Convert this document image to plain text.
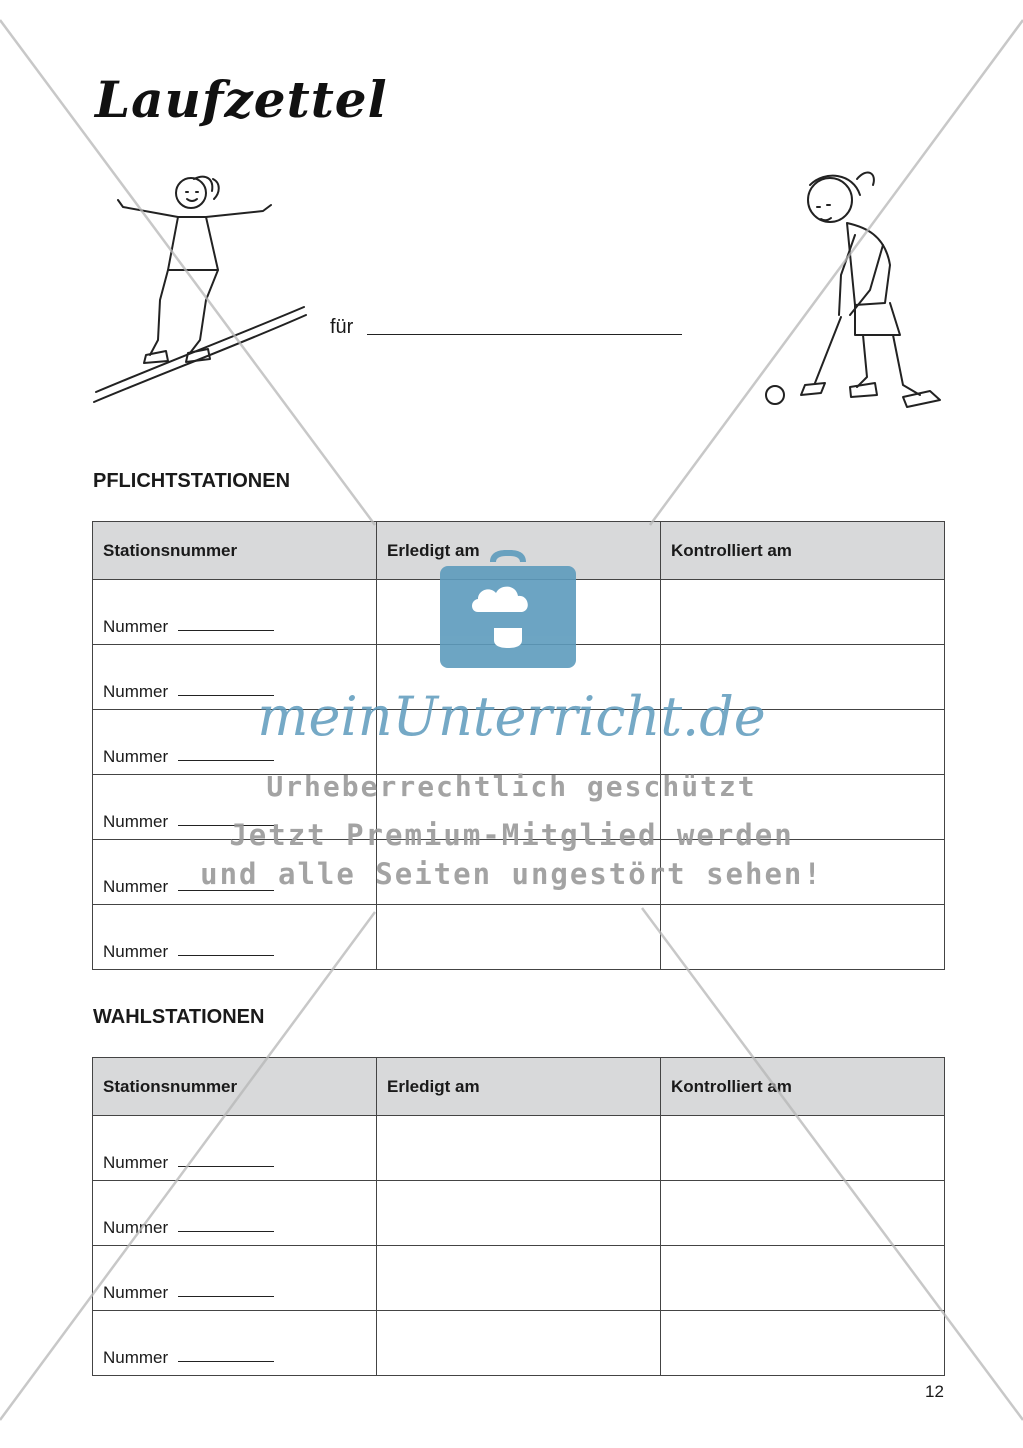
Laufzettel
für
PFLICHTSTATIONEN
Stationsnummer	Erledigt am	Kontrolliert am
Nummer		
Nummer		
Nummer		
Nummer		
Nummer		
Nummer		
WAHLSTATIONEN
Stationsnummer	Erledigt am	Kontrolliert am
Nummer		
Nummer		
Nummer		
Nummer		
12

meinUnterricht.de

Urheberrechtlich geschützt

Jetzt Premium-Mitglied werden

und alle Seiten ungestört sehen!
